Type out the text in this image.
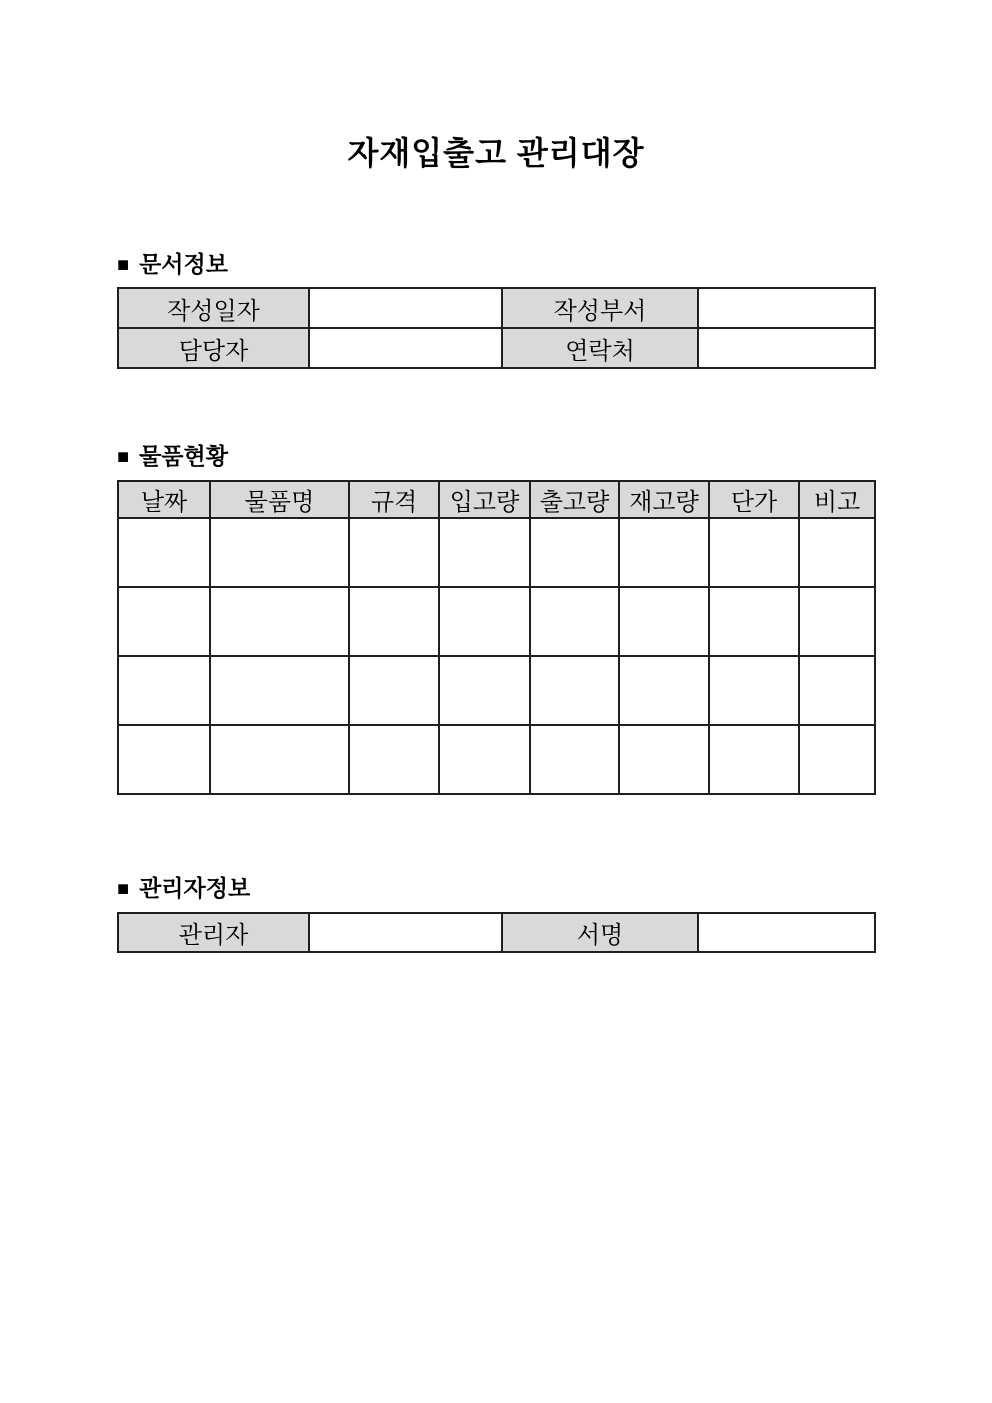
자재입출고 관리대장
■ 문서정보
작성일자		작성부서	
담당자		연락처	
■ 물품현황
날짜	물품명	규격	입고량	출고량	재고량	단가	비고

■ 관리자정보
관리자		서명	
